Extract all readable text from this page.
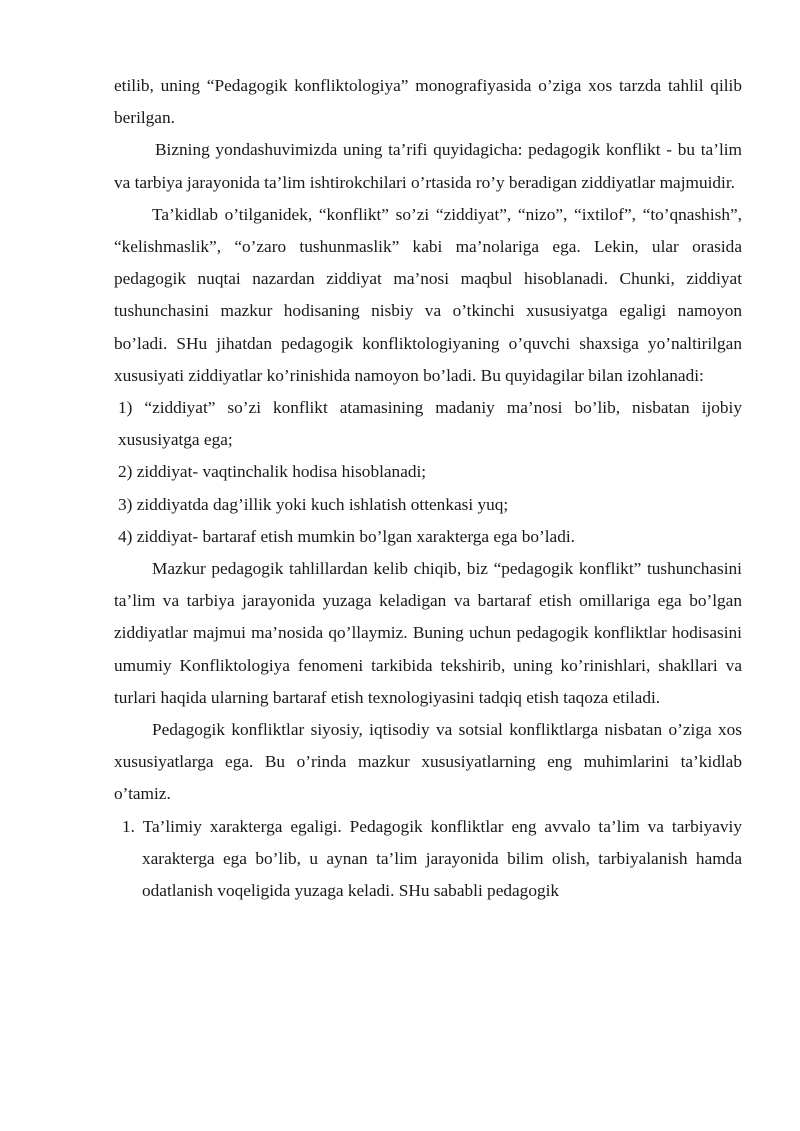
etilib, uning “Pedagogik konfliktologiya” monografiyasida o’ziga xos tarzda tahlil qilib berilgan.

Bizning yondashuvimizda uning ta’rifi quyidagicha: pedagogik konflikt - bu ta’lim va tarbiya jarayonida ta’lim ishtirokchilari o’rtasida ro’y beradigan ziddiyatlar majmuidir.

Ta’kidlab o’tilganidek, “konflikt” so’zi “ziddiyat”, “nizo”, “ixtilof”, “to’qnashish”, “kelishmaslik”, “o’zaro tushunmaslik” kabi ma’nolariga ega. Lekin, ular orasida pedagogik nuqtai nazardan ziddiyat ma’nosi maqbul hisoblanadi. Chunki, ziddiyat tushunchasini mazkur hodisaning nisbiy va o’tkinchi xususiyatga egaligi namoyon bo’ladi. SHu jihatdan pedagogik konfliktologiyaning o’quvchi shaxsiga yo’naltirilgan xususiyati ziddiyatlar ko’rinishida namoyon bo’ladi. Bu quyidagilar bilan izohlanadi:

1) “ziddiyat” so’zi konflikt atamasining madaniy ma’nosi bo’lib, nisbatan ijobiy xususiyatga ega;

2) ziddiyat- vaqtinchalik hodisa hisoblanadi;

3) ziddiyatda dag’illik yoki kuch ishlatish ottenkasi yuq;

4) ziddiyat- bartaraf etish mumkin bo’lgan xarakterga ega bo’ladi.

Mazkur pedagogik tahlillardan kelib chiqib, biz “pedagogik konflikt” tushunchasini ta’lim va tarbiya jarayonida yuzaga keladigan va bartaraf etish omillariga ega bo’lgan ziddiyatlar majmui ma’nosida qo’llaymiz. Buning uchun pedagogik konfliktlar hodisasini umumiy Konfliktologiya fenomeni tarkibida tekshirib, uning ko’rinishlari, shakllari va turlari haqida ularning bartaraf etish texnologiyasini tadqiq etish taqoza etiladi.

Pedagogik konfliktlar siyosiy, iqtisodiy va sotsial konfliktlarga nisbatan o’ziga xos xususiyatlarga ega. Bu o’rinda mazkur xususiyatlarning eng muhimlarini ta’kidlab o’tamiz.

1. Ta’limiy xarakterga egaligi. Pedagogik konfliktlar eng avvalo ta’lim va tarbiyaviy xarakterga ega bo’lib, u aynan ta’lim jarayonida bilim olish, tarbiyalanish hamda odatlanish voqeligida yuzaga keladi. SHu sababli pedagogik
